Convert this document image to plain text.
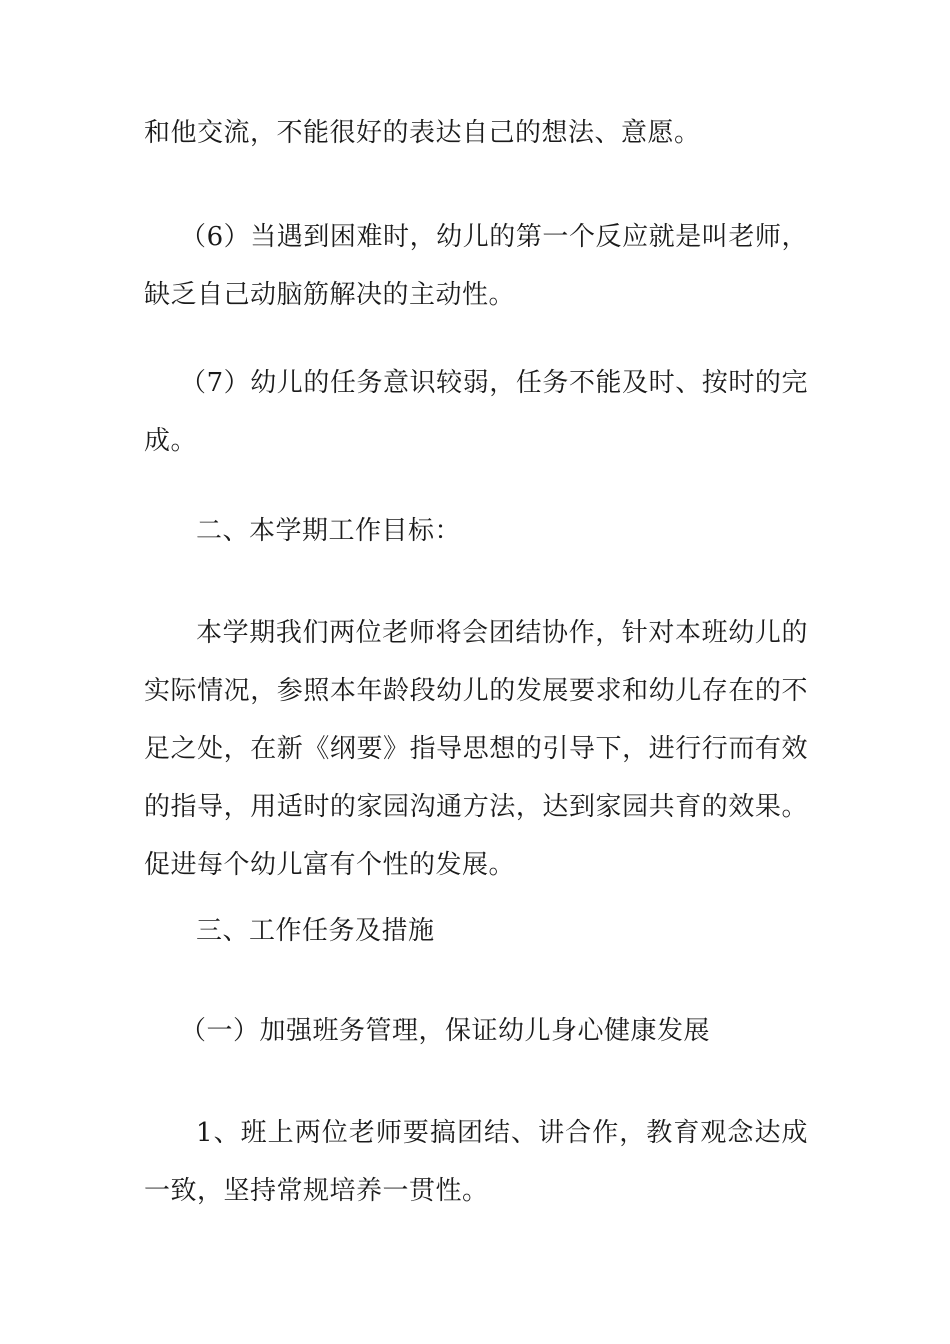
和他交流，不能很好的表达自己的想法、意愿。

（6）当遇到困难时，幼儿的第一个反应就是叫老师，缺乏自己动脑筋解决的主动性。

（7）幼儿的任务意识较弱，任务不能及时、按时的完成。

二、本学期工作目标：

本学期我们两位老师将会团结协作，针对本班幼儿的实际情况，参照本年龄段幼儿的发展要求和幼儿存在的不足之处，在新《纲要》指导思想的引导下，进行行而有效的指导，用适时的家园沟通方法，达到家园共育的效果。促进每个幼儿富有个性的发展。

三、工作任务及措施

（一）加强班务管理，保证幼儿身心健康发展

1、班上两位老师要搞团结、讲合作，教育观念达成一致，坚持常规培养一贯性。
